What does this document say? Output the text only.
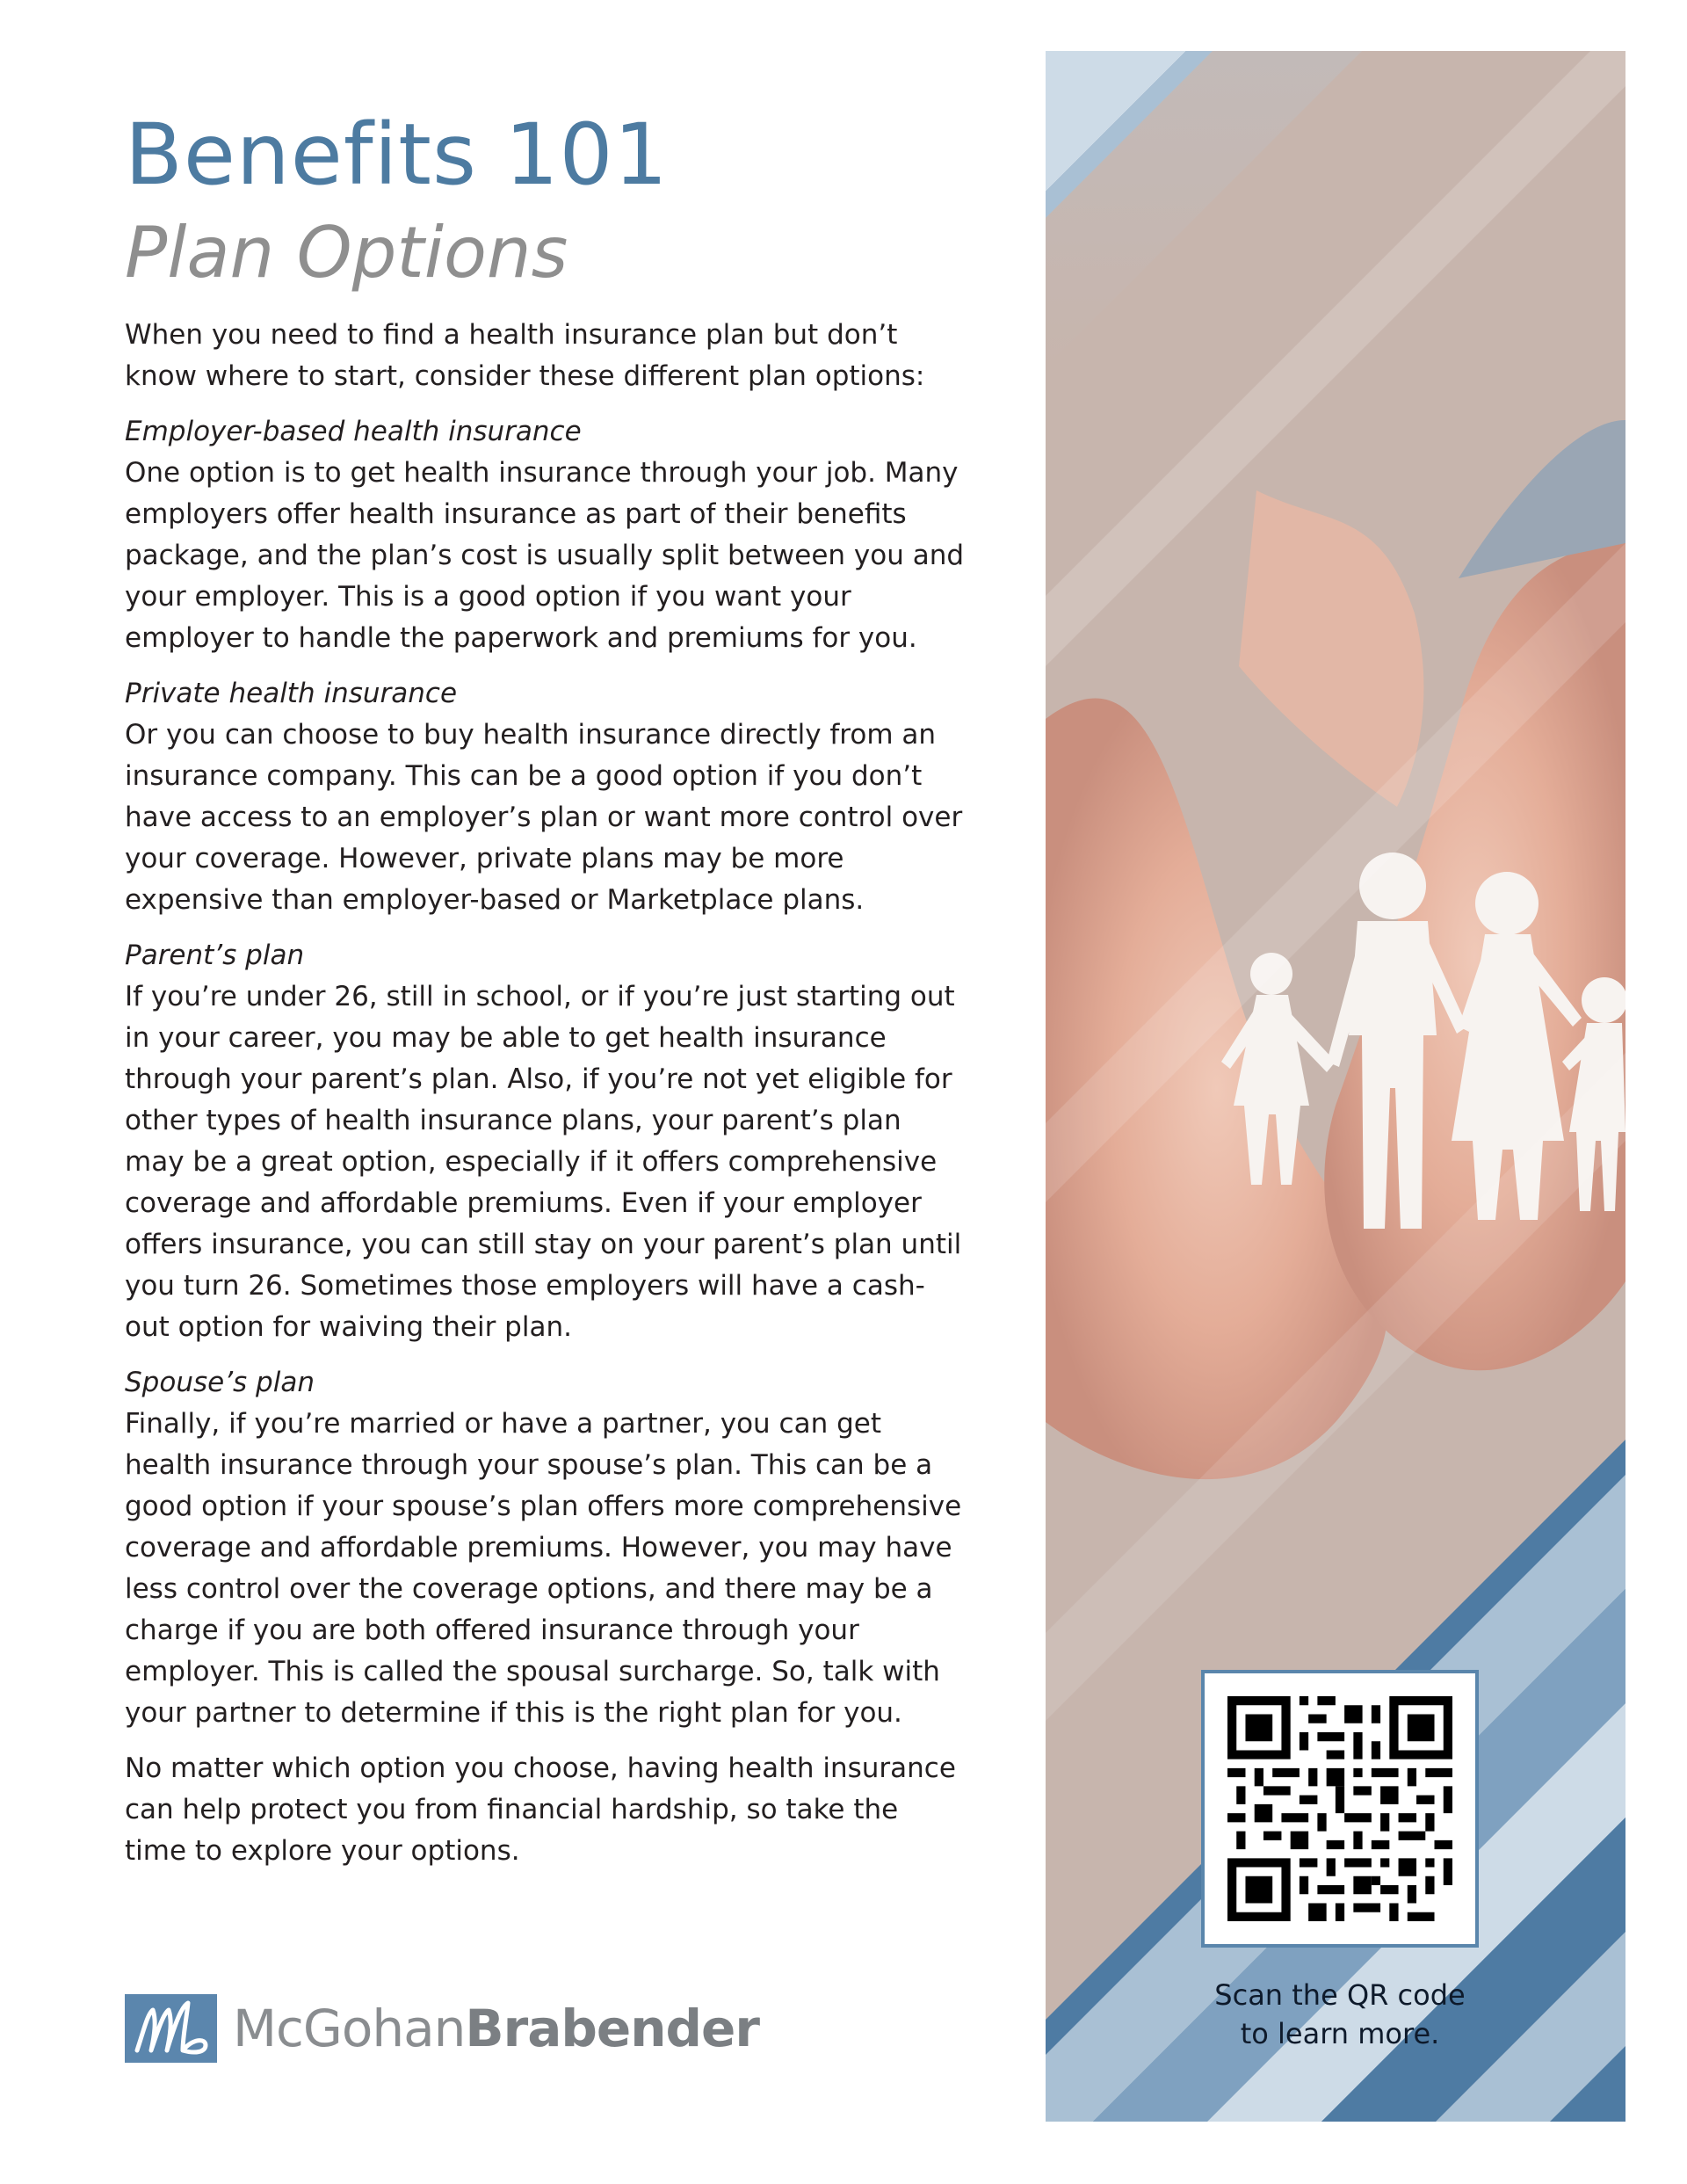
Benefits 101
Plan Options

When you need to find a health insurance plan but don’t know where to start, consider these different plan options:

Employer-based health insurance

One option is to get health insurance through your job. Many employers offer health insurance as part of their benefits package, and the plan’s cost is usually split between you and your employer. This is a good option if you want your employer to handle the paperwork and premiums for you.

Private health insurance

Or you can choose to buy health insurance directly from an insurance company. This can be a good option if you don’t have access to an employer’s plan or want more control over your coverage. However, private plans may be more expensive than employer-based or Marketplace plans.

Parent’s plan

If you’re under 26, still in school, or if you’re just starting out in your career, you may be able to get health insurance through your parent’s plan. Also, if you’re not yet eligible for other types of health insurance plans, your parent’s plan may be a great option, especially if it offers comprehensive coverage and affordable premiums. Even if your employer offers insurance, you can still stay on your parent’s plan until you turn 26. Sometimes those employers will have a cash-out option for waiving their plan.

Spouse’s plan

Finally, if you’re married or have a partner, you can get health insurance through your spouse’s plan. This can be a good option if your spouse’s plan offers more comprehensive coverage and affordable premiums. However, you may have less control over the coverage options, and there may be a charge if you are both offered insurance through your employer. This is called the spousal surcharge. So, talk with your partner to determine if this is the right plan for you.

No matter which option you choose, having health insurance can help protect you from financial hardship, so take the time to explore your options.

McGohanBrabender
Scan the QR code
to learn more.
